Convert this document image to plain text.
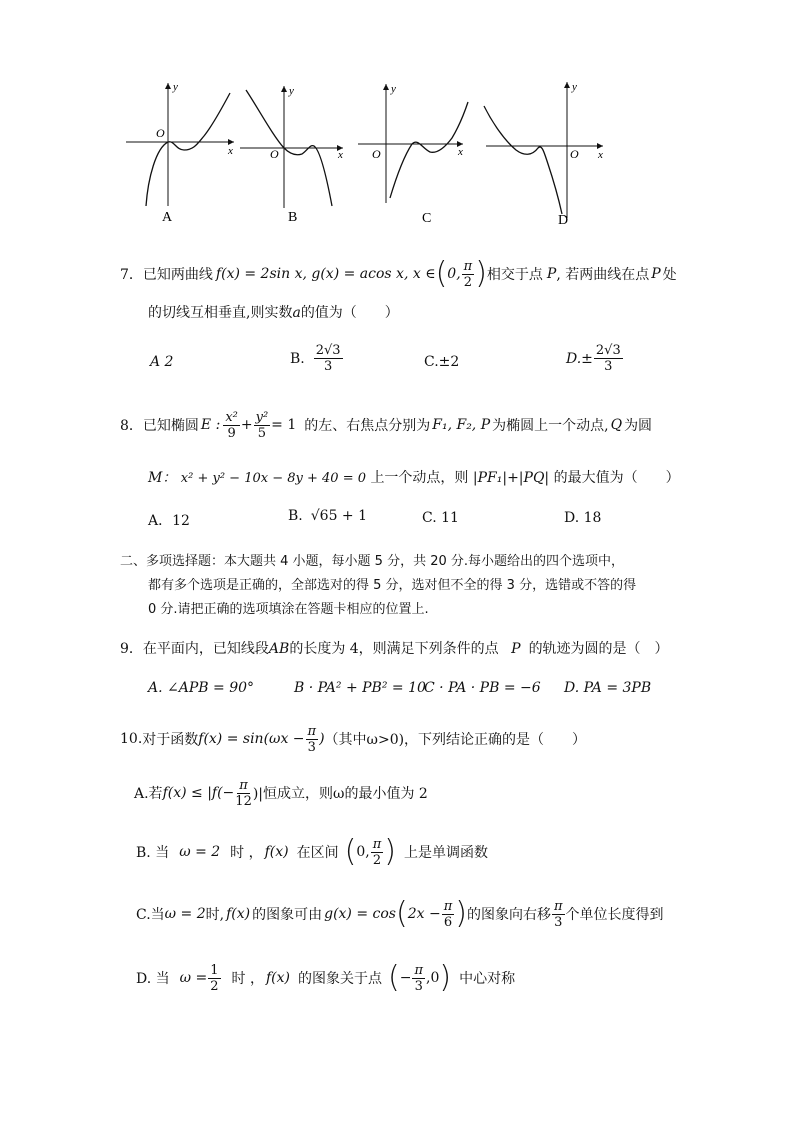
y
x
O
A
y
x
O
B
y
x
O
C
y
x
O
D
7． 已知两曲线 f(x) = 2sin x, g(x) = acos x, x ∈ ( 0, $\frac{\pi}{2}$ ) 相交于点 P , 若两曲线在点 P 处
的切线互相垂直,则实数a的值为（　　）
A 2	B. $\frac{2√3}{3}$	C.±2	$D.\pm \frac{2√3}{3}$
8． 已知椭圆 E : $\frac{\text{x²}}{9} + \frac{\text{y²}}{5} = 1$ 的左、右焦点分别为 F₁, F₂, P 为椭圆上一个动点, Q 为圆
M： x² + y² − 10x − 8y + 40 = 0 上一个动点，则 |PF₁|+|PQ| 的最大值为（　　）
A．12	B. √65 + 1	C. 11	D. 18
二、多项选择题：本大题共 4 小题，每小题 5 分，共 20 分.每小题给出的四个选项中，
都有多个选项是正确的，全部选对的得 5 分，选对但不全的得 3 分，选错或不答的得
0 分.请把正确的选项填涂在答题卡相应的位置上.
9．在平面内，已知线段AB的长度为 4，则满足下列条件的点 P 的轨迹为圆的是（　）
A. ∠APB = 90°	B · PA² + PB² = 10
C · PA · PB = −6 D. PA = 3PB
10. 对于函数 $f(x) = \sin(\omega x - \frac{\pi}{3}$ ) （其中ω>0)，下列结论正确的是（　　）
A.若 $f(x) \le |f(- \frac{\pi}{12}$ )|恒成立，则ω的最小值为 2
B. 当 ω = 2 时 ， f(x) 在区间 ( 0, $\frac{\pi}{2}$ ) 上是单调函数
C.当 ω = 2 时, f(x) 的图象可由 g(x) = cos ( $2x - \frac{\pi}{6}$ ) 的图象向右移 $\frac{\pi}{3}$ 个单位长度得到
D. 当 $\omega = \frac{1}{2}$ 时 ， f(x) 的图象关于点 ( − $\frac{\pi}{3} ,0$ ) 中心对称
